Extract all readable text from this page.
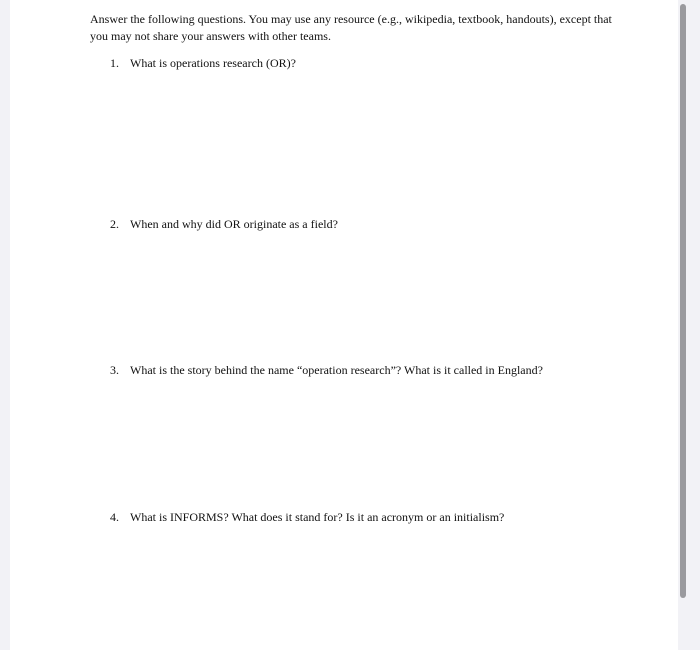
Answer the following questions. You may use any resource (e.g., wikipedia, textbook, handouts), except that you may not share your answers with other teams.

1. What is operations research (OR)?

2. When and why did OR originate as a field?

3. What is the story behind the name “operation research”? What is it called in England?

4. What is INFORMS? What does it stand for? Is it an acronym or an initialism?
